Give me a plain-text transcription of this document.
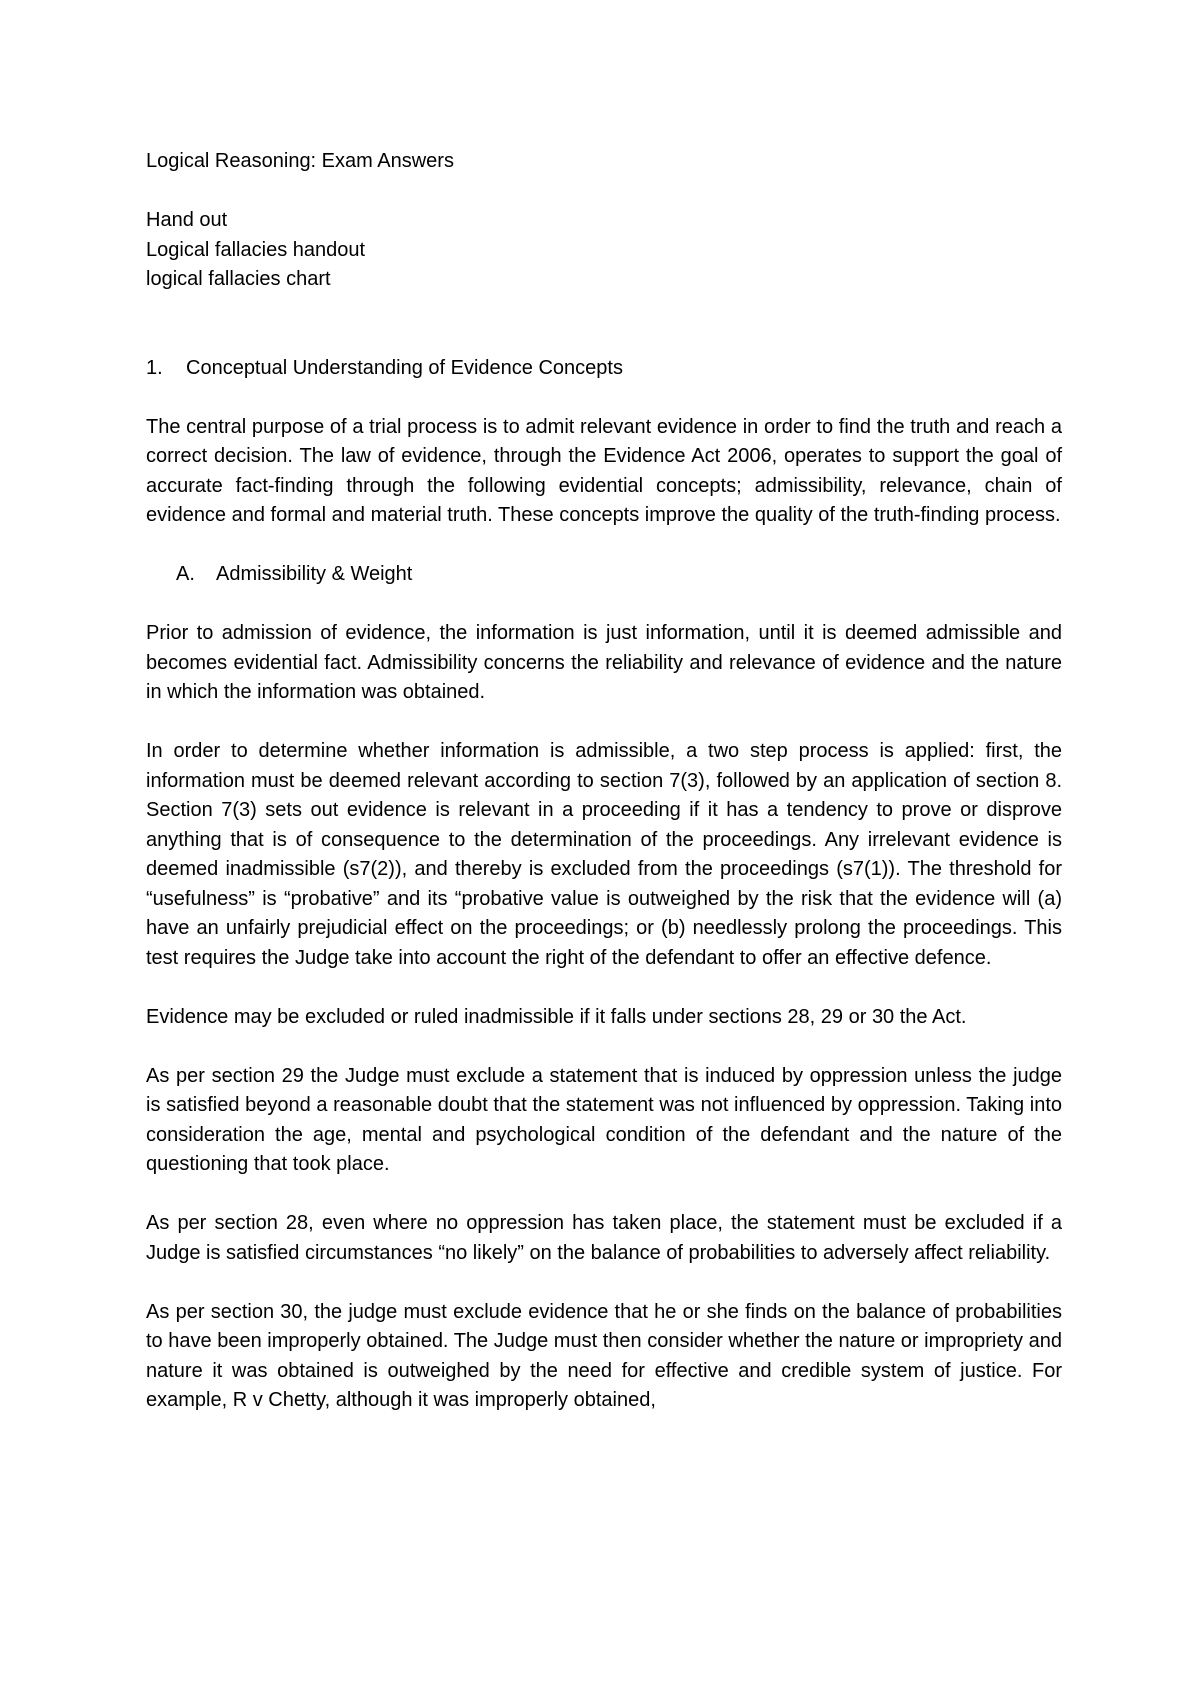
Logical Reasoning: Exam Answers
Hand out
Logical fallacies handout
logical fallacies chart
1.	Conceptual Understanding of Evidence Concepts

The central purpose of a trial process is to admit relevant evidence in order to find the truth and reach a correct decision. The law of evidence, through the Evidence Act 2006, operates to support the goal of accurate fact-finding through the following evidential concepts; admissibility, relevance, chain of evidence and formal and material truth. These concepts improve the quality of the truth-finding process.

A.	Admissibility & Weight

Prior to admission of evidence, the information is just information, until it is deemed admissible and becomes evidential fact. Admissibility concerns the reliability and relevance of evidence and the nature in which the information was obtained.

In order to determine whether information is admissible, a two step process is applied: first, the information must be deemed relevant according to section 7(3), followed by an application of section 8. Section 7(3) sets out evidence is relevant in a proceeding if it has a tendency to prove or disprove anything that is of consequence to the determination of the proceedings. Any irrelevant evidence is deemed inadmissible (s7(2)), and thereby is excluded from the proceedings (s7(1)). The threshold for “usefulness” is “probative” and its “probative value is outweighed by the risk that the evidence will (a) have an unfairly prejudicial effect on the proceedings; or (b) needlessly prolong the proceedings. This test requires the Judge take into account the right of the defendant to offer an effective defence.

Evidence may be excluded or ruled inadmissible if it falls under sections 28, 29 or 30 the Act.

As per section 29 the Judge must exclude a statement that is induced by oppression unless the judge is satisfied beyond a reasonable doubt that the statement was not influenced by oppression. Taking into consideration the age, mental and psychological condition of the defendant and the nature of the questioning that took place.

As per section 28, even where no oppression has taken place, the statement must be excluded if a Judge is satisfied circumstances “no likely” on the balance of probabilities to adversely affect reliability.

As per section 30, the judge must exclude evidence that he or she finds on the balance of probabilities to have been improperly obtained. The Judge must then consider whether the nature or impropriety and nature it was obtained is outweighed by the need for effective and credible system of justice. For example, R v Chetty, although it was improperly obtained,
